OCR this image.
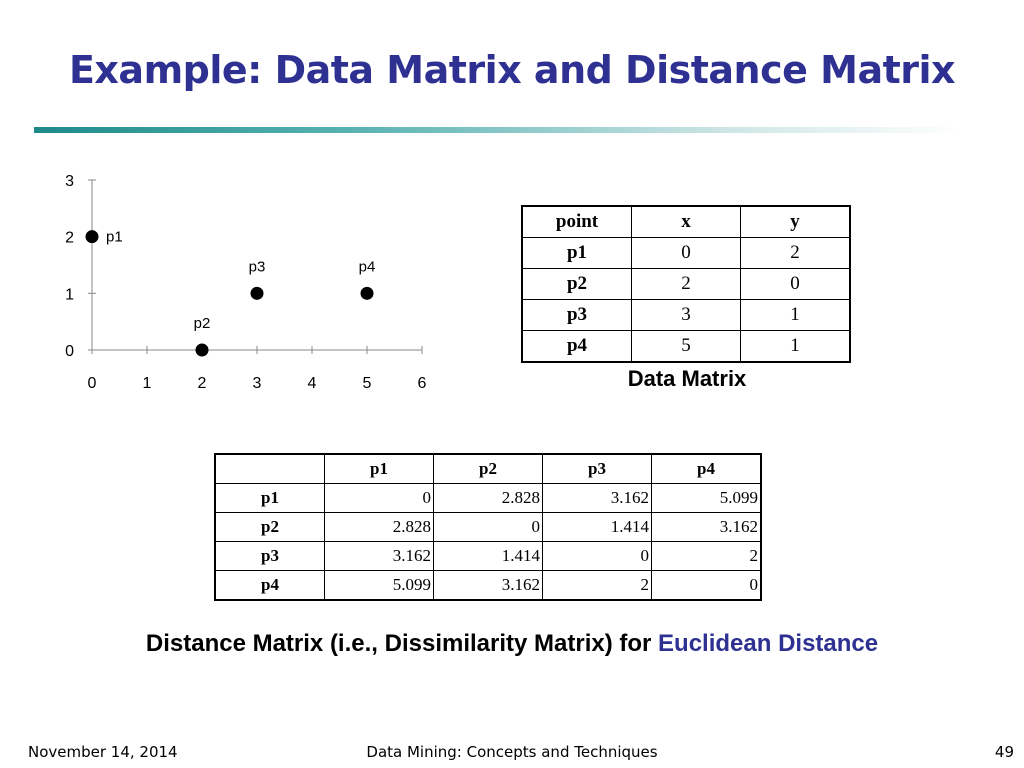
Example: Data Matrix and Distance Matrix
0	1	2	3	4	5	6
0
1
2
3
p1
p2
p3	p4
point	x	y
p1	0	2
p2	2	0
p3	3	1
p4	5	1
Data Matrix
	p1	p2	p3	p4
p1	0	2.828	3.162	5.099
p2	2.828	0	1.414	3.162
p3	3.162	1.414	0	2
p4	5.099	3.162	2	0
Distance Matrix (i.e., Dissimilarity Matrix) for Euclidean Distance
November 14, 2014	Data Mining: Concepts and Techniques	49
